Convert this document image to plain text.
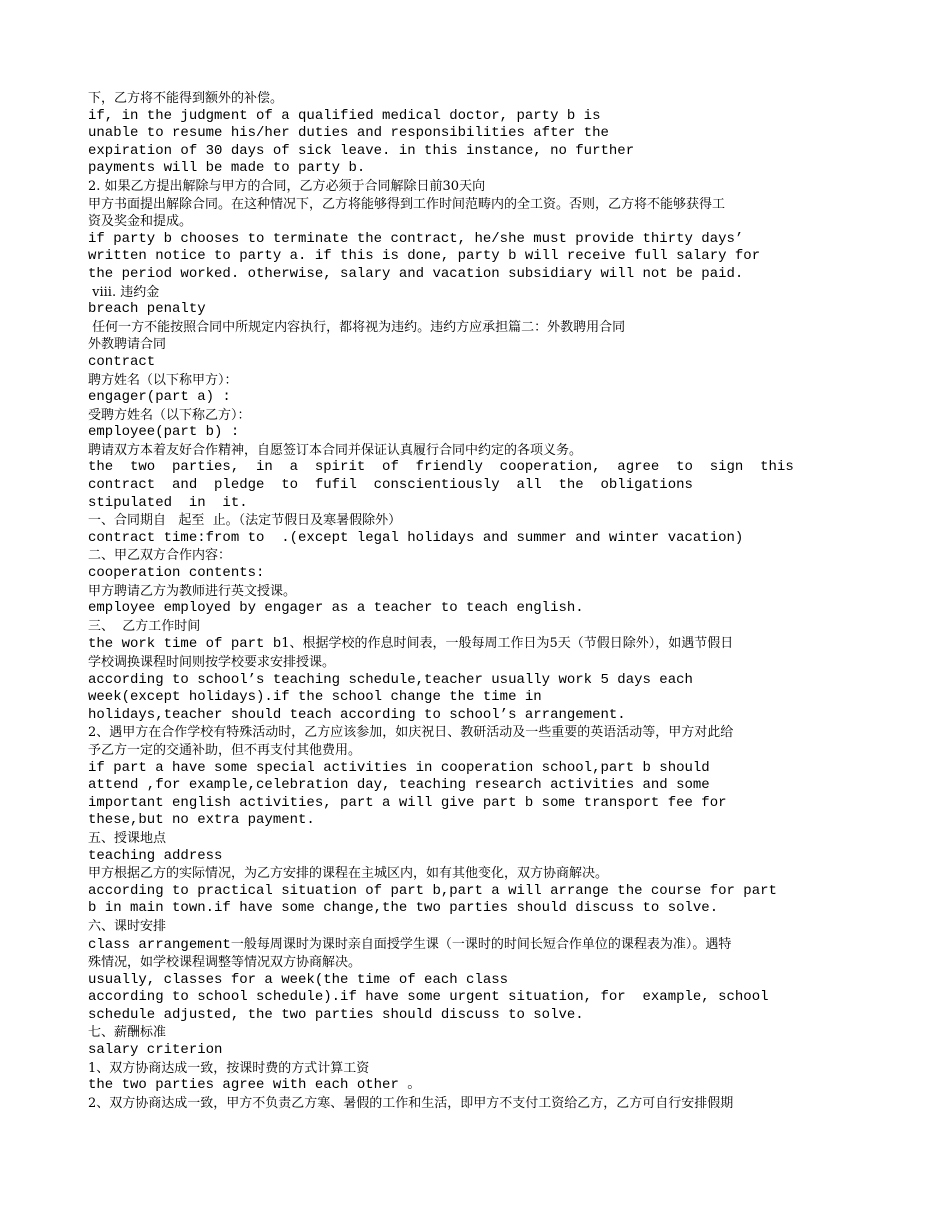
下，乙方将不能得到额外的补偿。
if, in the judgment of a qualified medical doctor, party b is
unable to resume his/her duties and responsibilities after the
expiration of 30 days of sick leave. in this instance, no further
payments will be made to party b.
2. 如果乙方提出解除与甲方的合同，乙方必须于合同解除日前30天向
甲方书面提出解除合同。在这种情况下，乙方将能够得到工作时间范畴内的全工资。否则，乙方将不能够获得工
资及奖金和提成。
if party b chooses to terminate the contract, he/she must provide thirty days’
written notice to party a. if this is done, party b will receive full salary for
the period worked. otherwise, salary and vacation subsidiary will not be paid.
viii. 违约金
breach penalty
任何一方不能按照合同中所规定内容执行，都将视为违约。违约方应承担篇二：外教聘用合同
外教聘请合同
contract
聘方姓名（以下称甲方）：
engager(part a) :
受聘方姓名（以下称乙方）：
employee(part b) :
聘请双方本着友好合作精神，自愿签订本合同并保证认真履行合同中约定的各项义务。
the  two  parties,  in  a  spirit  of  friendly  cooperation,  agree  to  sign  this
contract  and  pledge  to  fufil  conscientiously  all  the  obligations
stipulated  in  it.
一、合同期自   起至  止。（法定节假日及寒暑假除外）
contract time:from to  .(except legal holidays and summer and winter vacation)
二、甲乙双方合作内容：
cooperation contents:
甲方聘请乙方为教师进行英文授课。
employee employed by engager as a teacher to teach english.
三、  乙方工作时间
the work time of part b1、根据学校的作息时间表，一般每周工作日为5天（节假日除外），如遇节假日
学校调换课程时间则按学校要求安排授课。
according to school’s teaching schedule,teacher usually work 5 days each
week(except holidays).if the school change the time in
holidays,teacher should teach according to school’s arrangement.
2、遇甲方在合作学校有特殊活动时，乙方应该参加，如庆祝日、教研活动及一些重要的英语活动等，甲方对此给
予乙方一定的交通补助，但不再支付其他费用。
if part a have some special activities in cooperation school,part b should
attend ,for example,celebration day, teaching research activities and some
important english activities, part a will give part b some transport fee for
these,but no extra payment.
五、授课地点
teaching address
甲方根据乙方的实际情况，为乙方安排的课程在主城区内，如有其他变化，双方协商解决。
according to practical situation of part b,part a will arrange the course for part
b in main town.if have some change,the two parties should discuss to solve.
六、课时安排
class arrangement一般每周课时为课时亲自面授学生课（一课时的时间长短合作单位的课程表为准）。遇特
殊情况，如学校课程调整等情况双方协商解决。
usually, classes for a week(the time of each class
according to school schedule).if have some urgent situation, for  example, school
schedule adjusted, the two parties should discuss to solve.
七、薪酬标准
salary criterion
1、双方协商达成一致，按课时费的方式计算工资
the two parties agree with each other 。
2、双方协商达成一致，甲方不负责乙方寒、暑假的工作和生活，即甲方不支付工资给乙方，乙方可自行安排假期
